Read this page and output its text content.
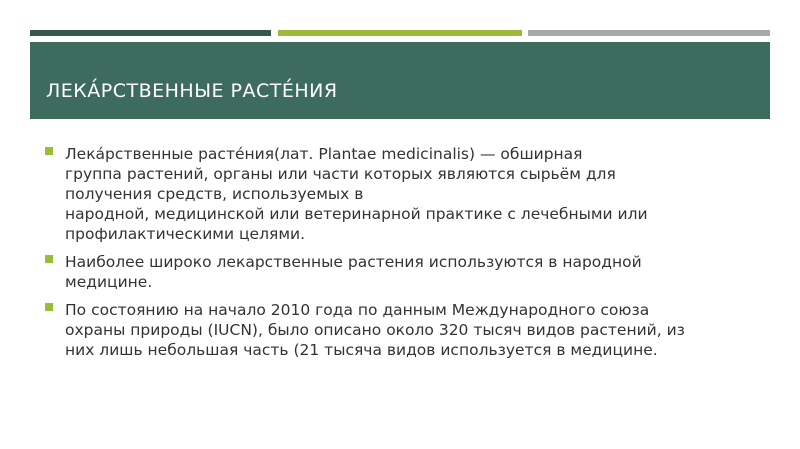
ЛЕКА́РСТВЕННЫЕ РАСТЕ́НИЯ
Лека́рственные расте́ния(лат. Plantae medicinalis) — обширная
группа растений, органы или части которых являются сырьём для
получения средств, используемых в
народной, медицинской или ветеринарной практике с лечебными или
профилактическими целями.
Наиболее широко лекарственные растения используются в народной
медицине.
По состоянию на начало 2010 года по данным Международного союза
охраны природы (IUCN), было описано около 320 тысяч видов растений, из
них лишь небольшая часть (21 тысяча видов используется в медицине.
